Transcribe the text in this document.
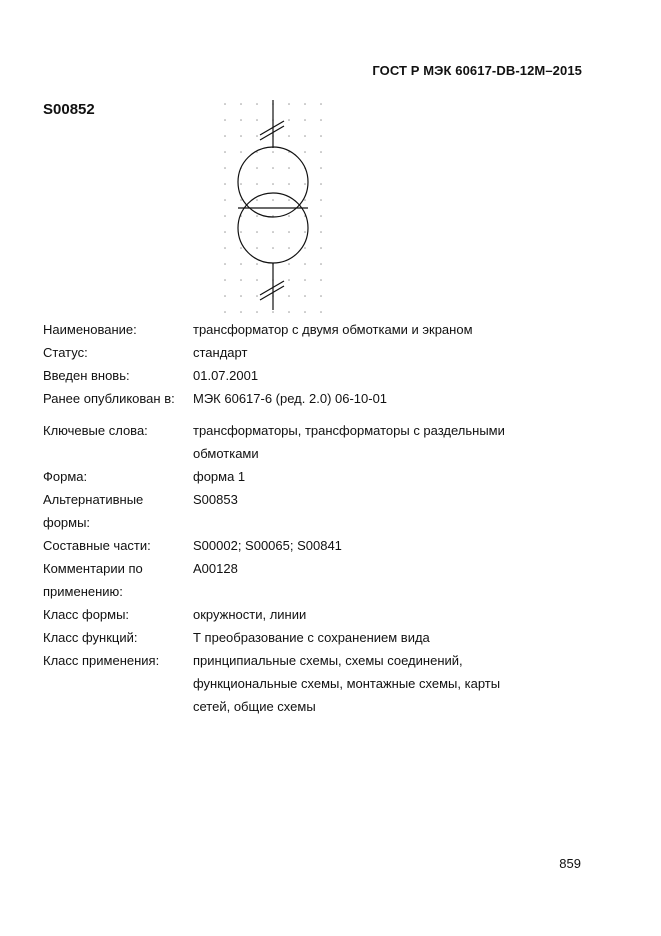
ГОСТ Р МЭК 60617-DB-12M–2015
S00852
Наименование:	трансформатор с двумя обмотками и экраном
Статус:	стандарт
Введен вновь:	01.07.2001
Ранее опубликован в:	МЭК 60617-6 (ред. 2.0) 06-10-01
Ключевые слова:	трансформаторы, трансформаторы с раздельными обмотками
Форма:	форма 1
Альтернативные формы:
S00853
Составные части:	S00002; S00065; S00841
Комментарии по применению:
A00128
Класс формы:	окружности, линии
Класс функций:	Т преобразование с сохранением вида
Класс применения:	принципиальные схемы, схемы соединений, функциональные схемы, монтажные схемы, карты сетей, общие схемы
859
